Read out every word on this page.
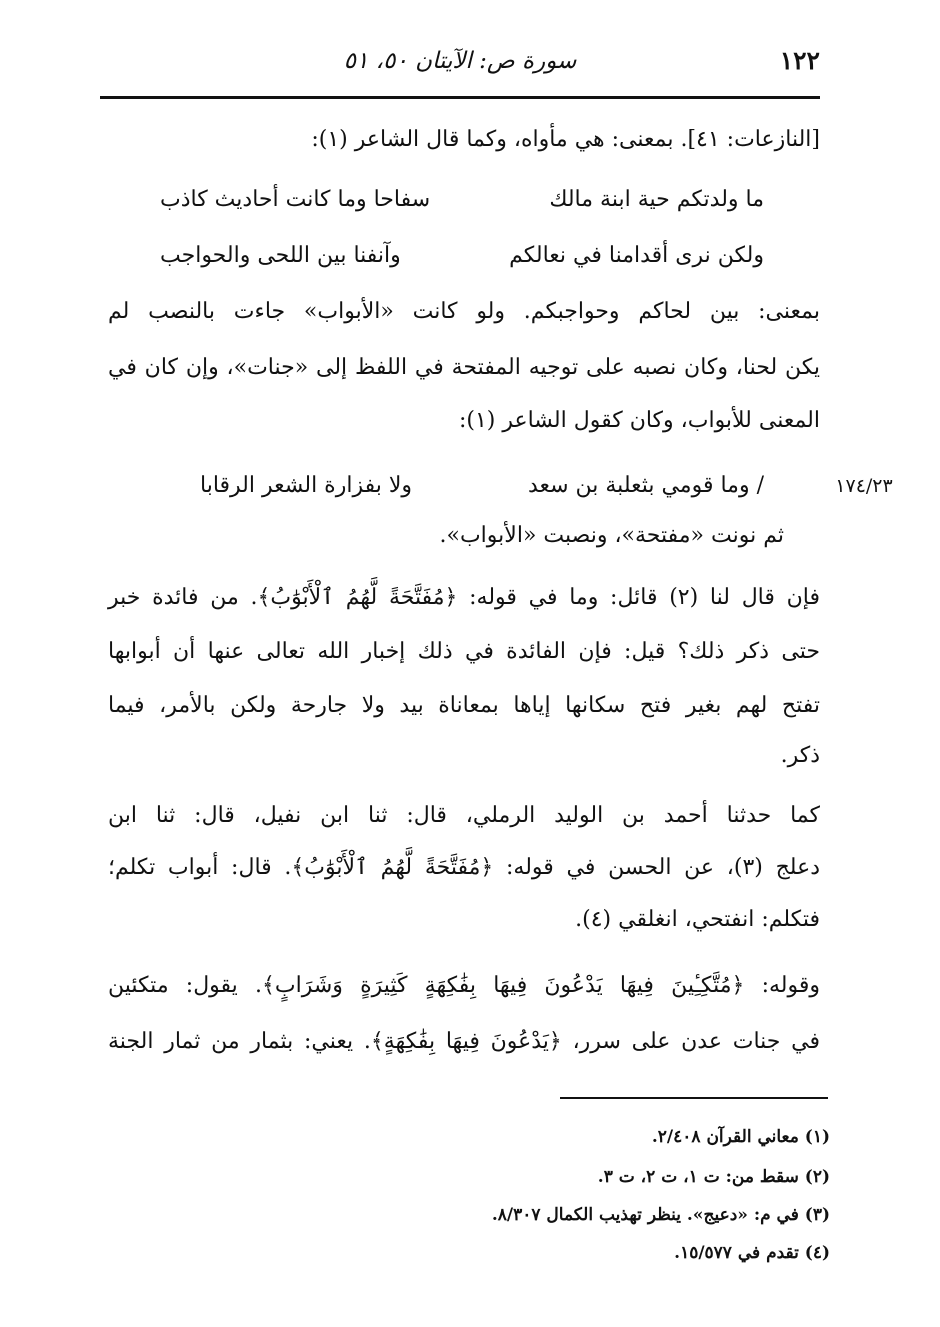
١٢٢
سورة ص: الآيتان ٥٠، ٥١
١٧٤/٢٣
[النازعات: ٤١]. بمعنى: هي مأواه، وكما قال الشاعر (١):
ما ولدتكم حية ابنة مالك
سفاحا وما كانت أحاديث كاذب
ولكن نرى أقدامنا في نعالكم
وآنفنا بين اللحى والحواجب
بمعنى: بين لحاكم وحواجبكم. ولو كانت «الأبواب» جاءت بالنصب لم
يكن لحنا، وكان نصبه على توجيه المفتحة في اللفظ إلى «جنات»، وإن كان في
المعنى للأبواب، وكان كقول الشاعر (١):
/ وما قومي بثعلبة بن سعد
ولا بفزارة الشعر الرقابا
ثم نونت «مفتحة»، ونصبت «الأبواب».
فإن قال لنا (٢) قائل: وما في قوله: ﴿مُفَتَّحَةً لَّهُمُ ٱلْأَبْوَٰبُ﴾. من فائدة خبر
حتى ذكر ذلك؟ قيل: فإن الفائدة في ذلك إخبار الله تعالى عنها أن أبوابها
تفتح لهم بغير فتح سكانها إياها بمعاناة بيد ولا جارحة ولكن بالأمر، فيما
ذكر.
كما حدثنا أحمد بن الوليد الرملي، قال: ثنا ابن نفيل، قال: ثنا ابن
دعلج (٣)، عن الحسن في قوله: ﴿مُفَتَّحَةً لَّهُمُ ٱلْأَبْوَٰبُ﴾. قال: أبواب تكلم؛
فتكلم: انفتحي، انغلقي (٤).
وقوله: ﴿مُتَّكِـِٔينَ فِيهَا يَدْعُونَ فِيهَا بِفَٰكِهَةٍ كَثِيرَةٍ وَشَرَابٍ﴾. يقول: متكئين
في جنات عدن على سرر، ﴿يَدْعُونَ فِيهَا بِفَٰكِهَةٍ﴾. يعني: بثمار من ثمار الجنة
(١) معاني القرآن ٢/٤٠٨.
(٢) سقط من: ت ١، ت ٢، ت ٣.
(٣) في م: «دعيج». ينظر تهذيب الكمال ٨/٣٠٧.
(٤) تقدم في ١٥/٥٧٧.
